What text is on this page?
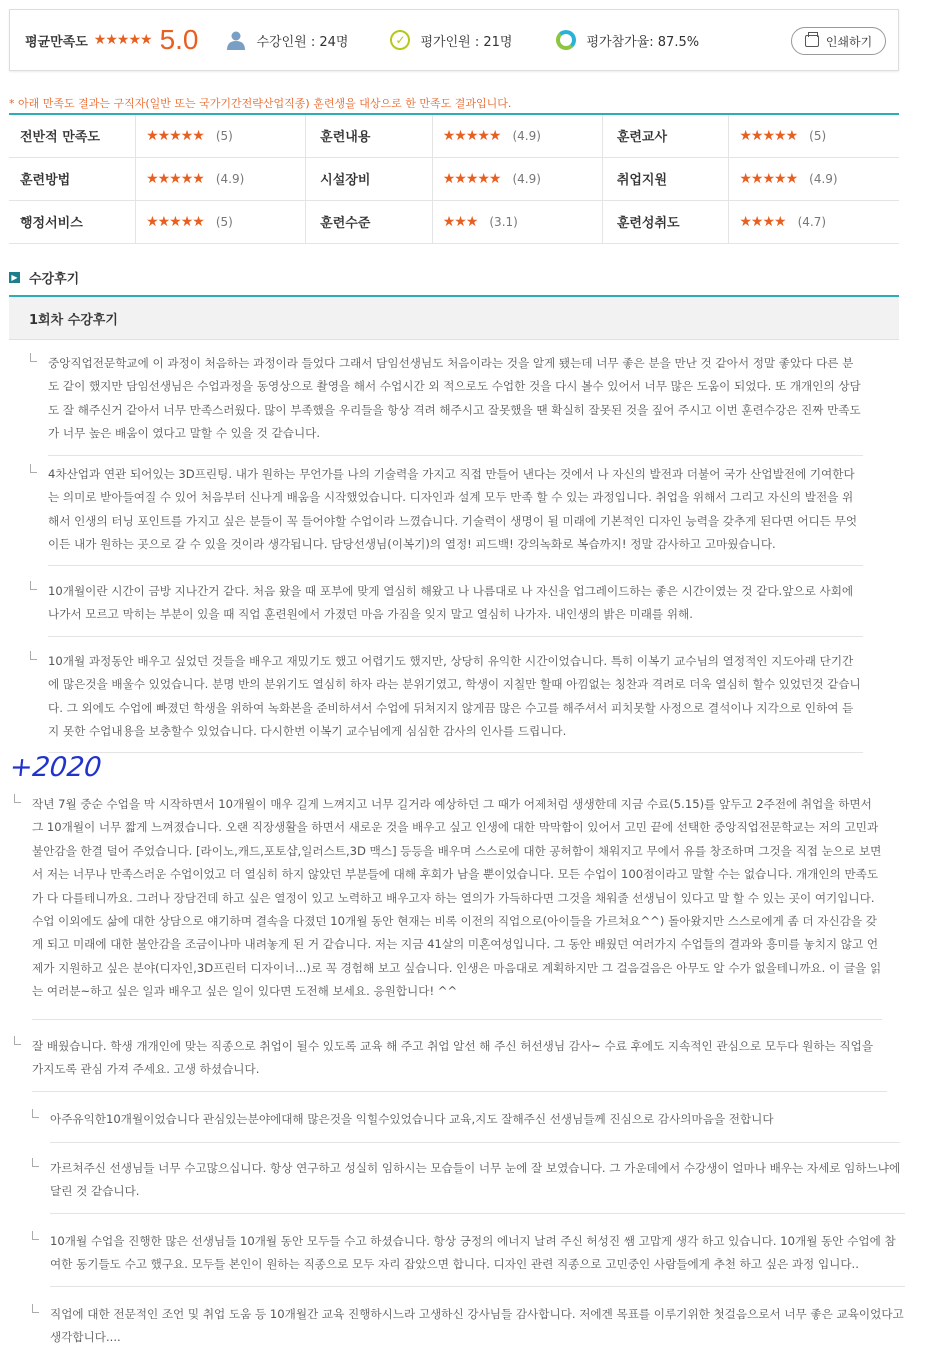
평균만족도 ★★★★★ 5.0	수강인원 : 24명	✓	평가인원 : 21명	평가참가율: 87.5%	인쇄하기
* 아래 만족도 결과는 구직자(일반 또는 국가기간전략산업직종) 훈련생을 대상으로 한 만족도 결과입니다.
전반적 만족도	★★★★★ (5)	훈련내용	★★★★★ (4.9)	훈련교사	★★★★★ (5)
훈련방법	★★★★★ (4.9)	시설장비	★★★★★ (4.9)	취업지원	★★★★★ (4.9)
행정서비스	★★★★★ (5)	훈련수준	★★★ (3.1)	훈련성취도	★★★★ (4.7)
▶ 수강후기
1회차 수강후기

중앙직업전문학교에 이 과정이 처음하는 과정이라 들었다 그래서 담임선생님도 처음이라는 것을 알게 됐는데 너무 좋은 분을 만난 것 같아서 정말 좋았다 다른 분 도 같이 했지만 담임선생님은 수업과정을 동영상으로 촬영을 해서 수업시간 외 적으로도 수업한 것을 다시 볼수 있어서 너무 많은 도움이 되었다. 또 개개인의 상담도 잘 해주신거 같아서 너무 만족스러웠다. 많이 부족했을 우리들을 항상 격려 해주시고 잘못했을 땐 확실히 잘못된 것을 짚어 주시고 이번 훈련수강은 진짜 만족도가 너무 높은 배움이 였다고 말할 수 있을 것 같습니다.

4차산업과 연관 되어있는 3D프린팅. 내가 원하는 무언가를 나의 기술력을 가지고 직접 만들어 낸다는 것에서 나 자신의 발전과 더불어 국가 산업발전에 기여한다는 의미로 받아들여질 수 있어 처음부터 신나게 배움을 시작했었습니다. 디자인과 설계 모두 만족 할 수 있는 과정입니다. 취업을 위해서 그리고 자신의 발전을 위해서 인생의 터닝 포인트를 가지고 싶은 분들이 꼭 들어야할 수업이라 느꼈습니다. 기술력이 생명이 될 미래에 기본적인 디자인 능력을 갖추게 된다면 어디든 무엇이든 내가 원하는 곳으로 갈 수 있을 것이라 생각됩니다. 담당선생님(이복기)의 열정! 피드백! 강의녹화로 복습까지! 정말 감사하고 고마웠습니다.

10개월이란 시간이 금방 지나간거 같다. 처음 왔을 때 포부에 맞게 열심히 해왔고 나 나름대로 나 자신을 업그레이드하는 좋은 시간이였는 것 같다.앞으로 사회에 나가서 모르고 막히는 부분이 있을 때 직업 훈련원에서 가졌던 마음 가짐을 잊지 말고 열심히 나가자. 내인생의 밝은 미래를 위해.

10개월 과정동안 배우고 싶었던 것들을 배우고 재밌기도 했고 어렵기도 했지만, 상당히 유익한 시간이었습니다. 특히 이복기 교수님의 열정적인 지도아래 단기간에 많은것을 배울수 있었습니다. 분명 반의 분위기도 열심히 하자 라는 분위기였고, 학생이 지칠만 할때 아낌없는 칭찬과 격려로 더욱 열심히 할수 있었던것 같습니다. 그 외에도 수업에 빠졌던 학생을 위하여 녹화본을 준비하셔서 수업에 뒤쳐지지 않게끔 많은 수고를 해주셔서 피치못할 사정으로 결석이나 지각으로 인하여 듣지 못한 수업내용을 보충할수 있었습니다. 다시한번 이복기 교수님에게 심심한 감사의 인사를 드립니다.

+2020

작년 7월 중순 수업을 막 시작하면서 10개월이 매우 길게 느껴지고 너무 길거라 예상하던 그 때가 어제처럼 생생한데 지금 수료(5.15)를 앞두고 2주전에 취업을 하면서 그 10개월이 너무 짧게 느껴졌습니다. 오랜 직장생활을 하면서 새로운 것을 배우고 싶고 인생에 대한 막막함이 있어서 고민 끝에 선택한 중앙직업전문학교는 저의 고민과 불안감을 한결 덜어 주었습니다. [라이노,캐드,포토샵,일러스트,3D 맥스] 등등을 배우며 스스로에 대한 공허함이 채워지고 무에서 유를 창조하며 그것을 직접 눈으로 보면서 저는 너무나 만족스러운 수업이었고 더 열심히 하지 않았던 부분들에 대해 후회가 남을 뿐이었습니다. 모든 수업이 100점이라고 말할 수는 없습니다. 개개인의 만족도가 다 다를테니까요. 그러나 장담건데 하고 싶은 열정이 있고 노력하고 배우고자 하는 열의가 가득하다면 그것을 채워줄 선생님이 있다고 말 할 수 있는 곳이 여기입니다. 수업 이외에도 삶에 대한 상담으로 얘기하며 결속을 다졌던 10개월 동안 현재는 비록 이전의 직업으로(아이들을 가르쳐요^^) 돌아왔지만 스스로에게 좀 더 자신감을 갖게 되고 미래에 대한 불안감을 조금이나마 내려놓게 된 거 같습니다. 저는 지금 41살의 미혼여성입니다. 그 동안 배웠던 여러가지 수업들의 결과와 흥미를 놓치지 않고 언제가 지원하고 싶은 분야(디자인,3D프린터 디자이너...)로 꼭 경험해 보고 싶습니다. 인생은 마음대로 계획하지만 그 걸음걸음은 아무도 알 수가 없을테니까요. 이 글을 읽는 여러분~하고 싶은 일과 배우고 싶은 일이 있다면 도전해 보세요. 응원합니다! ^^

잘 배웠습니다. 학생 개개인에 맞는 직종으로 취업이 될수 있도록 교육 해 주고 취업 알선 해 주신 허선생님 감사~ 수료 후에도 지속적인 관심으로 모두다 원하는 직업을 가지도록 관심 가져 주세요. 고생 하셨습니다.

아주유익한10개월이었습니다 관심있는분야에대해 많은것을 익힐수있었습니다 교육,지도 잘해주신 선생님들께 진심으로 감사의마음을 전합니다

가르쳐주신 선생님들 너무 수고많으십니다. 항상 연구하고 성실히 임하시는 모습들이 너무 눈에 잘 보였습니다. 그 가운데에서 수강생이 얼마나 배우는 자세로 임하느냐에 달린 것 같습니다.

10개월 수업을 진행한 많은 선생님들 10개월 동안 모두들 수고 하셨습니다. 항상 긍정의 에너지 날려 주신 허성진 쌤 고맙게 생각 하고 있습니다. 10개월 동안 수업에 참여한 동기들도 수고 했구요. 모두들 본인이 원하는 직종으로 모두 자리 잡았으면 합니다. 디자인 관련 직종으로 고민중인 사람들에게 추천 하고 싶은 과정 입니다..

직업에 대한 전문적인 조언 및 취업 도움 등 10개월간 교육 진행하시느라 고생하신 강사님들 감사합니다. 저에겐 목표를 이루기위한 첫걸음으로서 너무 좋은 교육이었다고 생각합니다....
